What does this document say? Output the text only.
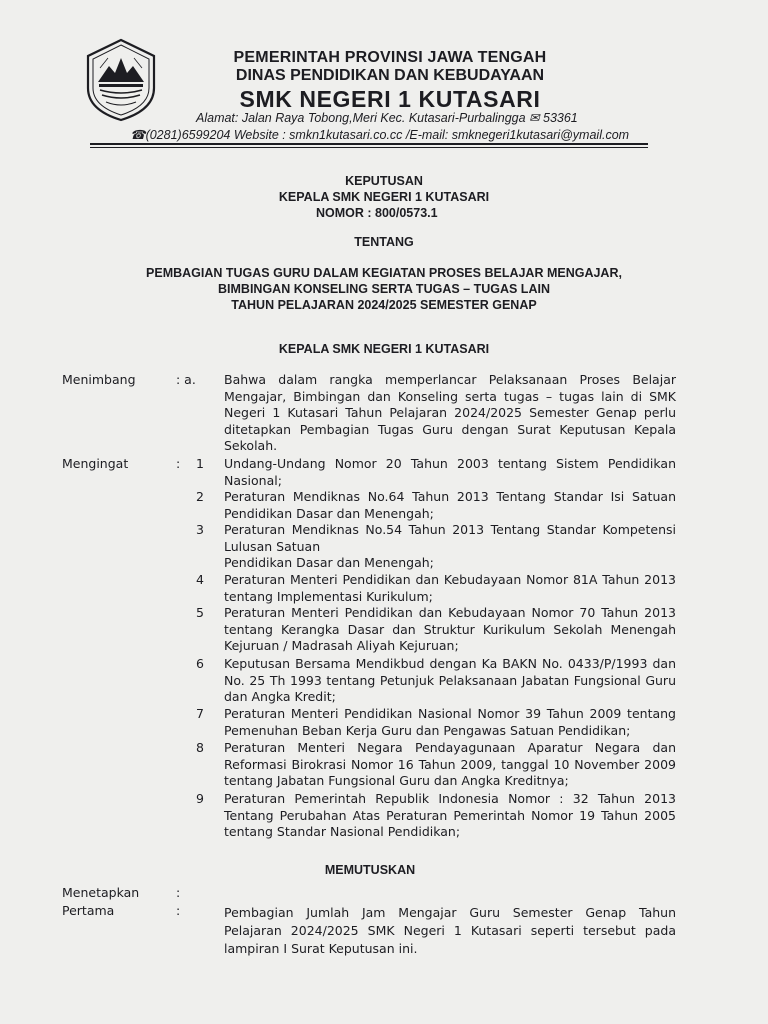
PEMERINTAH PROVINSI JAWA TENGAH
DINAS PENDIDIKAN DAN KEBUDAYAAN
SMK NEGERI 1 KUTASARI
Alamat: Jalan Raya Tobong,Meri Kec. Kutasari-Purbalingga ✉ 53361
☎(0281)6599204 Website : smkn1kutasari.co.cc /E-mail: smknegeri1kutasari@ymail.com
KEPUTUSAN
KEPALA SMK NEGERI 1 KUTASARI
NOMOR : 800/0573.1
TENTANG
PEMBAGIAN TUGAS GURU DALAM KEGIATAN PROSES BELAJAR MENGAJAR,
BIMBINGAN KONSELING SERTA TUGAS – TUGAS LAIN
TAHUN PELAJARAN 2024/2025 SEMESTER GENAP
KEPALA SMK NEGERI 1 KUTASARI
Menimbang	: a. Bahwa dalam rangka memperlancar Pelaksanaan Proses Belajar
Mengajar, Bimbingan dan Konseling serta tugas – tugas lain di SMK
Negeri 1 Kutasari Tahun Pelajaran 2024/2025 Semester Genap perlu
ditetapkan Pembagian Tugas Guru dengan Surat Keputusan Kepala
Sekolah.
Mengingat	: 1 Undang-Undang Nomor 20 Tahun 2003 tentang Sistem Pendidikan
Nasional;
2 Peraturan Mendiknas No.64 Tahun 2013 Tentang Standar Isi Satuan
Pendidikan Dasar dan Menengah;
3 Peraturan Mendiknas No.54 Tahun 2013 Tentang Standar Kompetensi
Lulusan Satuan
Pendidikan Dasar dan Menengah;
4 Peraturan Menteri Pendidikan dan Kebudayaan Nomor 81A Tahun 2013
tentang Implementasi Kurikulum;
5 Peraturan Menteri Pendidikan dan Kebudayaan Nomor 70 Tahun 2013
tentang Kerangka Dasar dan Struktur Kurikulum Sekolah Menengah
Kejuruan / Madrasah Aliyah Kejuruan;
6 Keputusan Bersama Mendikbud dengan Ka BAKN No. 0433/P/1993 dan
No. 25 Th 1993 tentang Petunjuk Pelaksanaan Jabatan Fungsional Guru
dan Angka Kredit;
7 Peraturan Menteri Pendidikan Nasional Nomor 39 Tahun 2009 tentang
Pemenuhan Beban Kerja Guru dan Pengawas Satuan Pendidikan;
8 Peraturan Menteri Negara Pendayagunaan Aparatur Negara dan
Reformasi Birokrasi Nomor 16 Tahun 2009, tanggal 10 November 2009
tentang Jabatan Fungsional Guru dan Angka Kreditnya;
9 Peraturan Pemerintah Republik Indonesia Nomor : 32 Tahun 2013
Tentang Perubahan Atas Peraturan Pemerintah Nomor 19 Tahun 2005
tentang Standar Nasional Pendidikan;
MEMUTUSKAN
Menetapkan	:
Pertama	:	Pembagian Jumlah Jam Mengajar Guru Semester Genap Tahun
Pelajaran 2024/2025 SMK Negeri 1 Kutasari seperti tersebut pada
lampiran I Surat Keputusan ini.
